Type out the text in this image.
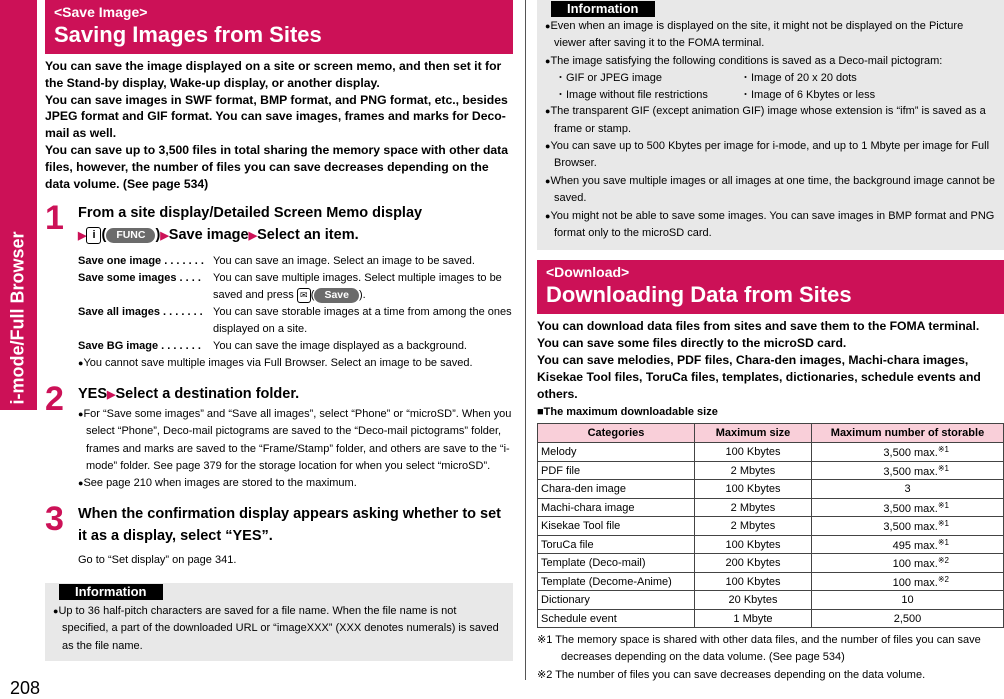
i-mode/Full Browser
208
<Save Image>
Saving Images from Sites

You can save the image displayed on a site or screen memo, and then set it for the Stand-by display, Wake-up display, or another display.

You can save images in SWF format, BMP format, and PNG format, etc., besides JPEG format and GIF format. You can save images, frames and marks for Deco-mail as well.

You can save up to 3,500 files in total sharing the memory space with other data files, however, the number of files you can save decreases depending on the data volume. (See page 534)

1 From a site display/Detailed Screen Memo display
▶ i ( FUNC )▶Save image▶Select an item.
Save one image . . . . . . . You can save an image. Select an image to be saved.
Save some images . . . .	You can save multiple images. Select multiple images to be saved and press ✉ ( Save ).
Save all images . . . . . . . You can save storable images at a time from among the ones displayed on a site.
Save BG image . . . . . . .	You can save the image displayed as a background.
●You cannot save multiple images via Full Browser. Select an image to be saved.
2 YES▶Select a destination folder.
●For “Save some images” and “Save all images”, select “Phone” or “microSD”. When you select “Phone”, Deco-mail pictograms are saved to the “Deco-mail pictograms” folder, frames and marks are saved to the “Frame/Stamp” folder, and others are save to the “i-mode” folder. See page 379 for the storage location for when you select “microSD”.
●See page 210 when images are stored to the maximum.
3 When the confirmation display appears asking whether to set it as a display, select “YES”.
Go to “Set display” on page 341.
Information
●Up to 36 half-pitch characters are saved for a file name. When the file name is not specified, a part of the downloaded URL or “imageXXX” (XXX denotes numerals) is saved as the file name.
Information
●Even when an image is displayed on the site, it might not be displayed on the Picture viewer after saving it to the FOMA terminal.
●The image satisfying the following conditions is saved as a Deco-mail pictogram:
・GIF or JPEG image	・Image of 20 x 20 dots
・Image without file restrictions	・Image of 6 Kbytes or less
●The transparent GIF (except animation GIF) image whose extension is “ifm” is saved as a frame or stamp.
●You can save up to 500 Kbytes per image for i-mode, and up to 1 Mbyte per image for Full Browser.
●When you save multiple images or all images at one time, the background image cannot be saved.
●You might not be able to save some images. You can save images in BMP format and PNG format only to the microSD card.
<Download>
Downloading Data from Sites

You can download data files from sites and save them to the FOMA terminal. You can save some files directly to the microSD card.

You can save melodies, PDF files, Chara-den images, Machi-chara images, Kisekae Tool files, ToruCa files, templates, dictionaries, schedule events and others.

■The maximum downloadable size
Categories	Maximum size	Maximum number of storable
Melody	100 Kbytes	3,500 max.$^{※1}$
PDF file	2 Mbytes	3,500 max.$^{※1}$
Chara-den image	100 Kbytes	3
Machi-chara image	2 Mbytes	3,500 max.$^{※1}$
Kisekae Tool file	2 Mbytes	3,500 max.$^{※1}$
ToruCa file	100 Kbytes	495 max.$^{※1}$
Template (Deco-mail)	200 Kbytes	100 max.$^{※2}$
Template (Decome-Anime)	100 Kbytes	100 max.$^{※2}$
Dictionary	20 Kbytes	10
Schedule event	1 Mbyte	2,500
※1 The memory space is shared with other data files, and the number of files you can save decreases depending on the data volume. (See page 534)
※2 The number of files you can save decreases depending on the data volume.
